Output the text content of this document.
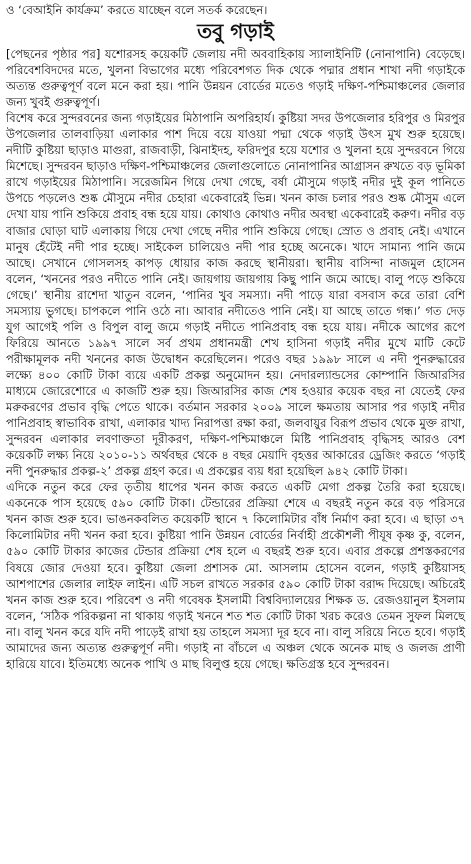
ও ‘বেআইনি কার্যক্রম’ করতে যাচ্ছেন বলে সতর্ক করেছেন।
তবু গড়াই

[পেছনের পৃষ্ঠার পর] যশোরসহ কয়েকটি জেলায় নদী অববাহিকায় স্যালাইনিটি (নোনাপানি) বেড়েছে। পরিবেশবিদদের মতে, খুলনা বিভাগের মধ্যে পরিবেশগত দিক থেকে পদ্মার প্রধান শাখা নদী গড়াইকে অত্যন্ত গুরুত্বপূর্ণ বলে মনে করা হয়। পানি উন্নয়ন বোর্ডের মতেও গড়াই দক্ষিণ-পশ্চিমাঞ্চলের জেলার জন্য খুবই গুরুত্বপূর্ণ।

বিশেষ করে সুন্দরবনের জন্য গড়াইয়ের মিঠাপানি অপরিহার্য। কুষ্টিয়া সদর উপজেলার হরিপুর ও মিরপুর উপজেলার তালবাড়িয়া এলাকার পাশ দিয়ে বয়ে যাওয়া পদ্মা থেকে গড়াই উৎস মুখ শুরু হয়েছে। নদীটি কুষ্টিয়া ছাড়াও মাগুরা, রাজবাড়ী, ঝিনাইদহ, ফরিদপুর হয়ে যশোর ও খুলনা হয়ে সুন্দরবনে গিয়ে মিশেছে। সুন্দরবন ছাড়াও দক্ষিণ-পশ্চিমাঞ্চলের জেলাগুলোতে নোনাপানির আগ্রাসন রুখতে বড় ভূমিকা রাখে গড়াইয়ের মিঠাপানি। সরেজমিন গিয়ে দেখা গেছে, বর্ষা মৌসুমে গড়াই নদীর দুই কূল পানিতে উপচে পড়লেও শুষ্ক মৌসুমে নদীর চেহারা একেবারেই ভিন্ন। খনন কাজ চলার পরও শুষ্ক মৌসুম এলে দেখা যায় পানি শুকিয়ে প্রবাহ বন্ধ হয়ে যায়। কোথাও কোথাও নদীর অবস্থা একেবারেই করুণ। নদীর বড় বাজার ঘোড়া ঘাট এলাকায় গিয়ে দেখা গেছে নদীর পানি শুকিয়ে গেছে। স্রোত ও প্রবাহ নেই। এখানে মানুষ হেঁটেই নদী পার হচ্ছে। সাইকেল চালিয়েও নদী পার হচ্ছে অনেকে। খাদে সামান্য পানি জমে আছে। সেখানে গোসলসহ কাপড় ধোয়ার কাজ করছে স্থানীয়রা। স্থানীয় বাসিন্দা নাজমুল হোসেন বলেন, ‘খননের পরও নদীতে পানি নেই। জায়গায় জায়গায় কিছু পানি জমে আছে। বালু পড়ে শুকিয়ে গেছে।’ স্থানীয় রাশেদা খাতুন বলেন, ‘পানির খুব সমস্যা। নদী পাড়ে যারা বসবাস করে তারা বেশি সমস্যায় ভুগছে। চাপকলে পানি ওঠে না। আবার নদীতেও পানি নেই। যা আছে তাতে গন্ধ।’ গত দেড় যুগ আগেই পলি ও বিপুল বালু জমে গড়াই নদীতে পানিপ্রবাহ বন্ধ হয়ে যায়। নদীকে আগের রূপে ফিরিয়ে আনতে ১৯৯৭ সালে সর্ব প্রথম প্রধানমন্ত্রী শেখ হাসিনা গড়াই নদীর মুখে মাটি কেটে পরীক্ষামূলক নদী খননের কাজ উদ্বোধন করেছিলেন। পরেও বছর ১৯৯৮ সালে এ নদী পুনরুদ্ধারের লক্ষ্যে ৪০০ কোটি টাকা ব্যয়ে একটি প্রকল্প অনুমোদন হয়। নেদারল্যান্ডসের কোম্পানি জিআরসির মাধ্যমে জোরেশোরে এ কাজটি শুরু হয়। জিআরসির কাজ শেষ হওয়ার কয়েক বছর না যেতেই ফের মরুকরণের প্রভাব বৃদ্ধি পেতে থাকে। বর্তমান সরকার ২০০৯ সালে ক্ষমতায় আসার পর গড়াই নদীর পানিপ্রবাহ স্বাভাবিক রাখা, এলাকার খাদ্য নিরাপত্তা রক্ষা করা, জলবায়ুর বিরূপ প্রভাব থেকে মুক্ত রাখা, সুন্দরবন এলাকার লবণাক্ততা দূরীকরণ, দক্ষিণ-পশ্চিমাঞ্চলে মিষ্টি পানিপ্রবাহ বৃদ্ধিসহ আরও বেশ কয়েকটি লক্ষ্য নিয়ে ২০১০-১১ অর্থবছর থেকে ৪ বছর মেয়াদি বৃহত্তর আকারের ড্রেজিং করতে ‘গড়াই নদী পুনরুদ্ধার প্রকল্প-২’ প্রকল্প গ্রহণ করে। এ প্রকল্পের ব্যয় ধরা হয়েছিল ৯৪২ কোটি টাকা।

এদিকে নতুন করে ফের তৃতীয় ধাপের খনন কাজ করতে একটি মেগা প্রকল্প তৈরি করা হয়েছে। একনেকে পাস হয়েছে ৫৯০ কোটি টাকা। টেন্ডারের প্রক্রিয়া শেষে এ বছরই নতুন করে বড় পরিসরে খনন কাজ শুরু হবে। ভাঙনকবলিত কয়েকটি স্থানে ৭ কিলোমিটার বাঁধ নির্মাণ করা হবে। এ ছাড়া ৩৭ কিলোমিটার নদী খনন করা হবে। কুষ্টিয়া পানি উন্নয়ন বোর্ডের নির্বাহী প্রকৌশলী পীযূষ কৃষ্ণ কু, বলেন, ৫৯০ কোটি টাকার কাজের টেন্ডার প্রক্রিয়া শেষ হলে এ বছরই শুরু হবে। এবার প্রকল্পে প্রশস্তকরণের বিষয়ে জোর দেওয়া হবে। কুষ্টিয়া জেলা প্রশাসক মো. আসলাম হোসেন বলেন, গড়াই কুষ্টিয়াসহ আশপাশের জেলার লাইফ লাইন। এটি সচল রাখতে সরকার ৫৯০ কোটি টাকা বরাদ্দ দিয়েছে। অচিরেই খনন কাজ শুরু হবে। পরিবেশ ও নদী গবেষক ইসলামী বিশ্ববিদ্যালয়ের শিক্ষক ড. রেজওয়ানুল ইসলাম বলেন, ‘সঠিক পরিকল্পনা না থাকায় গড়াই খননে শত শত কোটি টাকা খরচ করেও তেমন সুফল মিলছে না। বালু খনন করে যদি নদী পাড়েই রাখা হয় তাহলে সমস্যা দূর হবে না। বালু সরিয়ে নিতে হবে। গড়াই আমাদের জন্য অত্যন্ত গুরুত্বপূর্ণ নদী। গড়াই না বাঁচলে এ অঞ্চল থেকে অনেক মাছ ও জলজ প্রাণী হারিয়ে যাবে। ইতিমধ্যে অনেক পাখি ও মাছ বিলুপ্ত হয়ে গেছে। ক্ষতিগ্রস্ত হবে সুন্দরবন।
